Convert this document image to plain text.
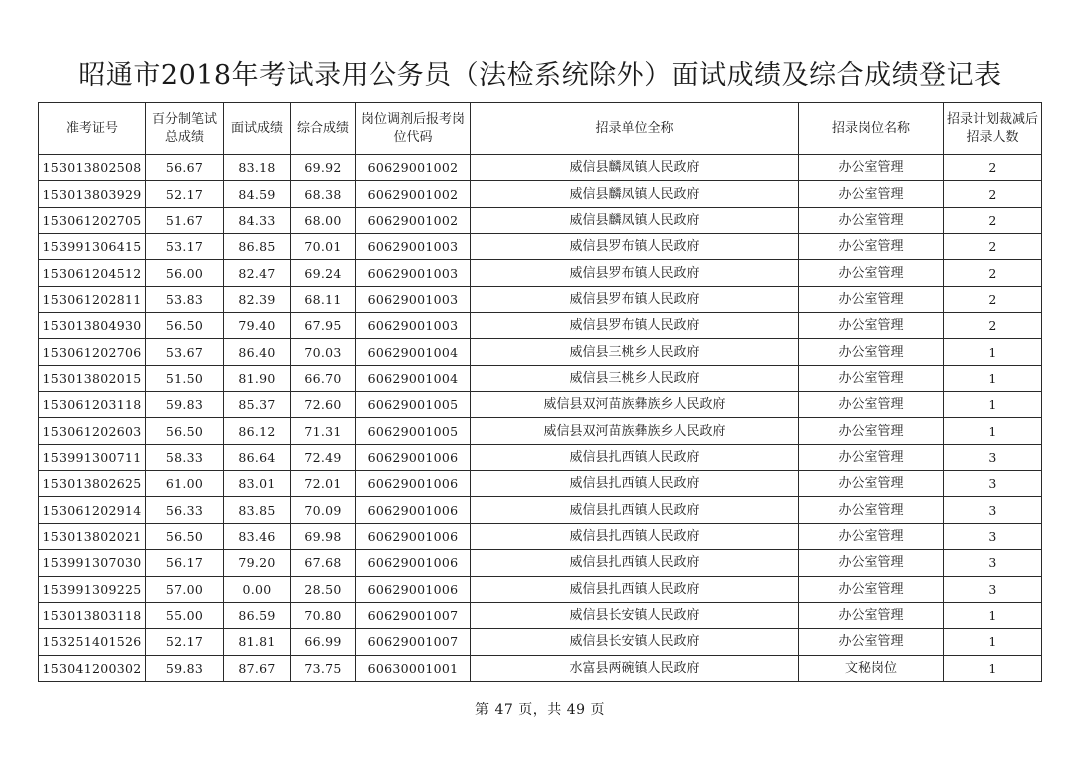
昭通市2018年考试录用公务员（法检系统除外）面试成绩及综合成绩登记表
准考证号	百分制笔试总成绩	面试成绩	综合成绩	岗位调剂后报考岗位代码	招录单位全称	招录岗位名称	招录计划裁减后招录人数
153013802508	56.67	83.18	69.92	60629001002	威信县麟凤镇人民政府	办公室管理	2
153013803929	52.17	84.59	68.38	60629001002	威信县麟凤镇人民政府	办公室管理	2
153061202705	51.67	84.33	68.00	60629001002	威信县麟凤镇人民政府	办公室管理	2
153991306415	53.17	86.85	70.01	60629001003	威信县罗布镇人民政府	办公室管理	2
153061204512	56.00	82.47	69.24	60629001003	威信县罗布镇人民政府	办公室管理	2
153061202811	53.83	82.39	68.11	60629001003	威信县罗布镇人民政府	办公室管理	2
153013804930	56.50	79.40	67.95	60629001003	威信县罗布镇人民政府	办公室管理	2
153061202706	53.67	86.40	70.03	60629001004	威信县三桃乡人民政府	办公室管理	1
153013802015	51.50	81.90	66.70	60629001004	威信县三桃乡人民政府	办公室管理	1
153061203118	59.83	85.37	72.60	60629001005	威信县双河苗族彝族乡人民政府	办公室管理	1
153061202603	56.50	86.12	71.31	60629001005	威信县双河苗族彝族乡人民政府	办公室管理	1
153991300711	58.33	86.64	72.49	60629001006	威信县扎西镇人民政府	办公室管理	3
153013802625	61.00	83.01	72.01	60629001006	威信县扎西镇人民政府	办公室管理	3
153061202914	56.33	83.85	70.09	60629001006	威信县扎西镇人民政府	办公室管理	3
153013802021	56.50	83.46	69.98	60629001006	威信县扎西镇人民政府	办公室管理	3
153991307030	56.17	79.20	67.68	60629001006	威信县扎西镇人民政府	办公室管理	3
153991309225	57.00	0.00	28.50	60629001006	威信县扎西镇人民政府	办公室管理	3
153013803118	55.00	86.59	70.80	60629001007	威信县长安镇人民政府	办公室管理	1
153251401526	52.17	81.81	66.99	60629001007	威信县长安镇人民政府	办公室管理	1
153041200302	59.83	87.67	73.75	60630001001	水富县两碗镇人民政府	文秘岗位	1
第 47 页，共 49 页
